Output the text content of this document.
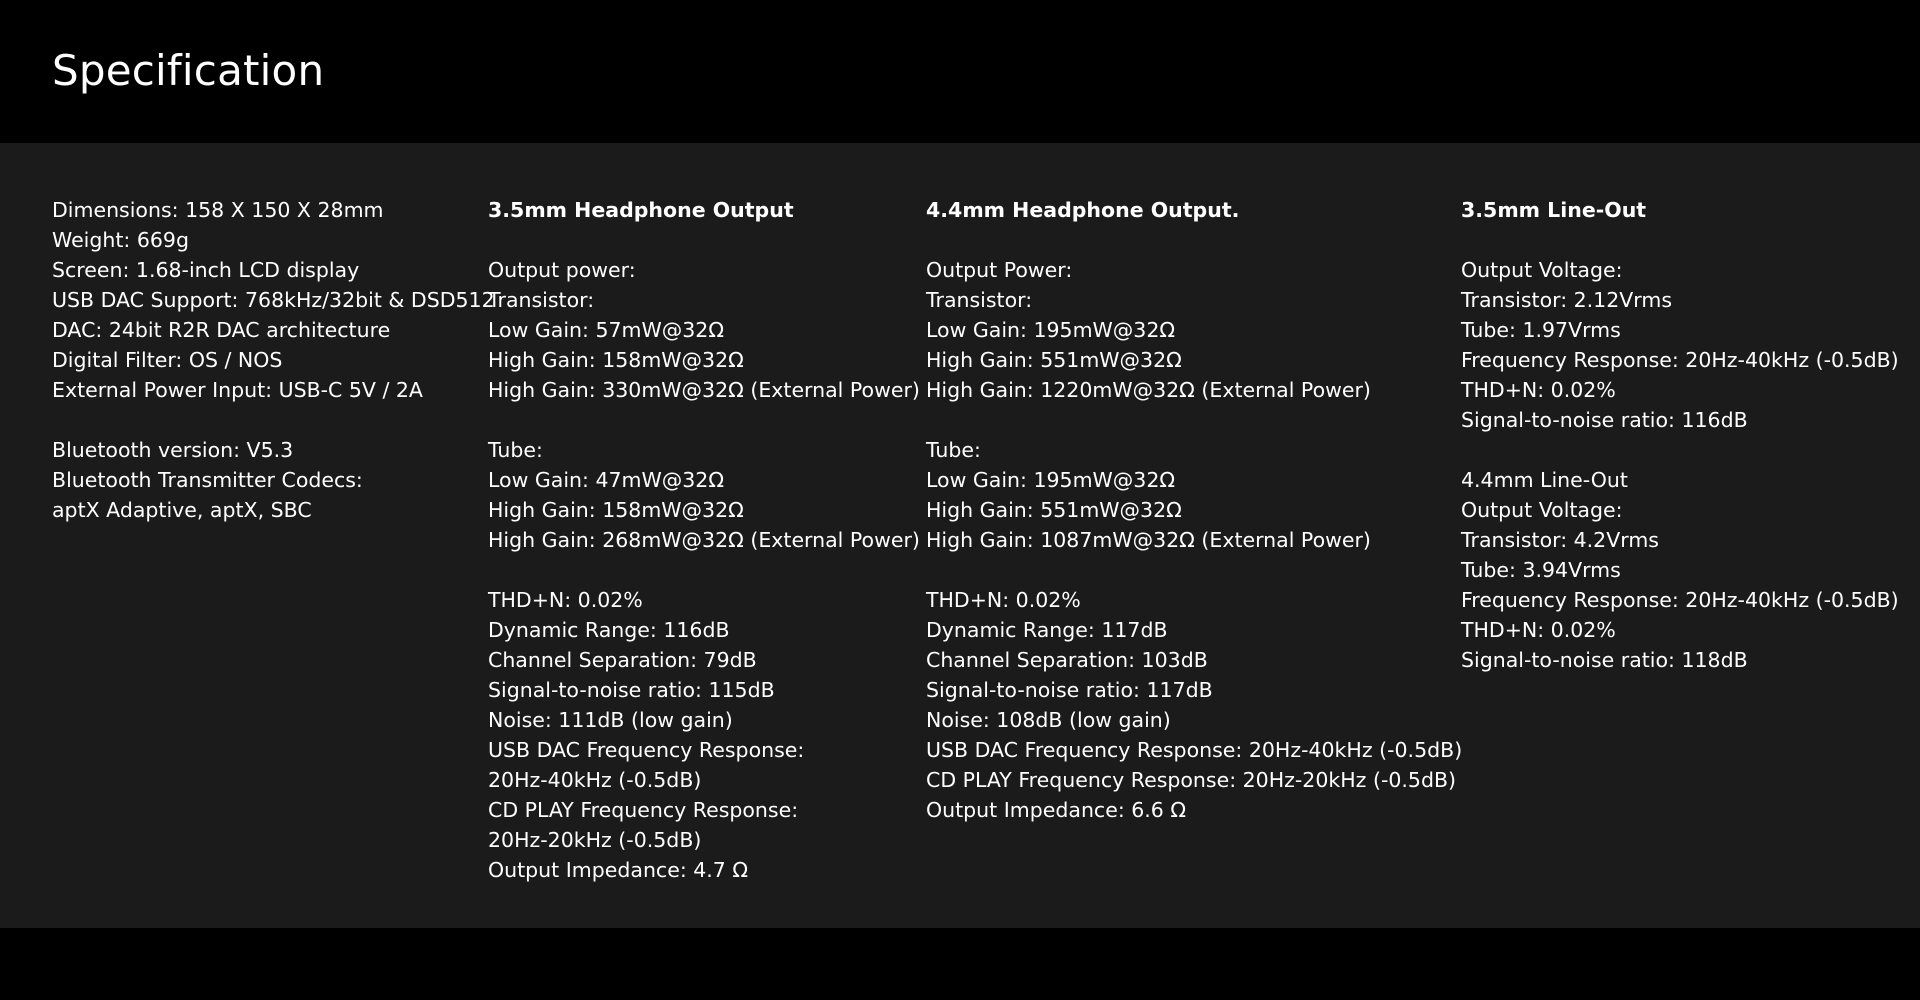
Specification
Dimensions: 158 X 150 X 28mm
Weight: 669g
Screen: 1.68-inch LCD display
USB DAC Support: 768kHz/32bit & DSD512
DAC: 24bit R2R DAC architecture
Digital Filter: OS / NOS
External Power Input: USB-C 5V / 2A
Bluetooth version: V5.3
Bluetooth Transmitter Codecs:
aptX Adaptive, aptX, SBC
3.5mm Headphone Output
Output power:
Transistor:
Low Gain: 57mW@32Ω
High Gain: 158mW@32Ω
High Gain: 330mW@32Ω (External Power)
Tube:
Low Gain: 47mW@32Ω
High Gain: 158mW@32Ω
High Gain: 268mW@32Ω (External Power)
THD+N: 0.02%
Dynamic Range: 116dB
Channel Separation: 79dB
Signal-to-noise ratio: 115dB
Noise: 111dB (low gain)
USB DAC Frequency Response:
20Hz-40kHz (-0.5dB)
CD PLAY Frequency Response:
20Hz-20kHz (-0.5dB)
Output Impedance: 4.7 Ω
4.4mm Headphone Output.
Output Power:
Transistor:
Low Gain: 195mW@32Ω
High Gain: 551mW@32Ω
High Gain: 1220mW@32Ω (External Power)
Tube:
Low Gain: 195mW@32Ω
High Gain: 551mW@32Ω
High Gain: 1087mW@32Ω (External Power)
THD+N: 0.02%
Dynamic Range: 117dB
Channel Separation: 103dB
Signal-to-noise ratio: 117dB
Noise: 108dB (low gain)
USB DAC Frequency Response: 20Hz-40kHz (-0.5dB)
CD PLAY Frequency Response: 20Hz-20kHz (-0.5dB)
Output Impedance: 6.6 Ω
3.5mm Line-Out
Output Voltage:
Transistor: 2.12Vrms
Tube: 1.97Vrms
Frequency Response: 20Hz-40kHz (-0.5dB)
THD+N: 0.02%
Signal-to-noise ratio: 116dB
4.4mm Line-Out
Output Voltage:
Transistor: 4.2Vrms
Tube: 3.94Vrms
Frequency Response: 20Hz-40kHz (-0.5dB)
THD+N: 0.02%
Signal-to-noise ratio: 118dB
